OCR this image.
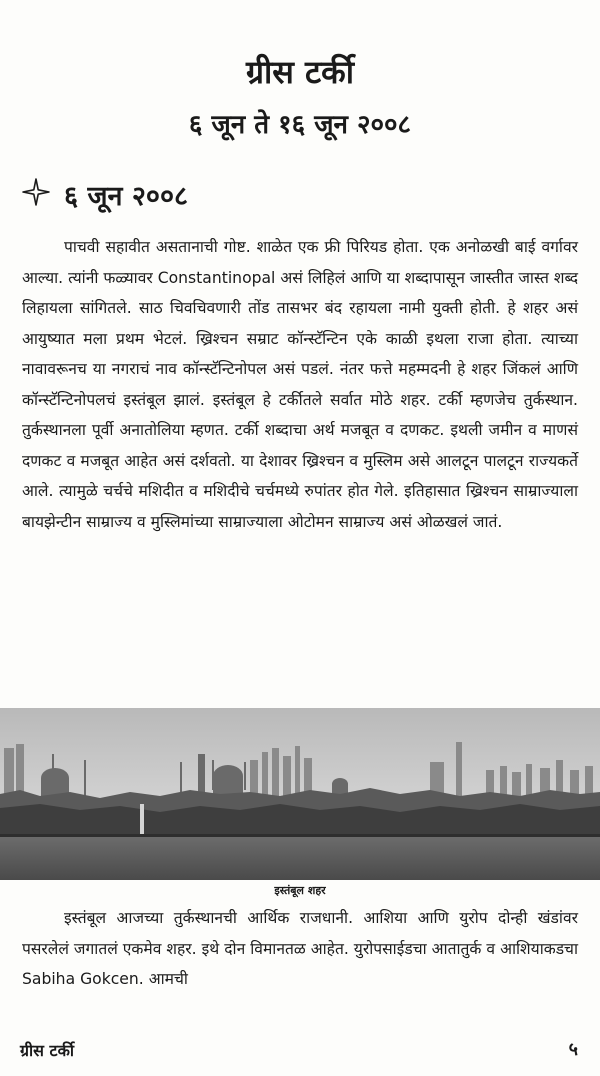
ग्रीस टर्की
६ जून ते १६ जून २००८
६ जून २००८

पाचवी सहावीत असतानाची गोष्ट. शाळेत एक फ्री पिरियड होता. एक अनोळखी बाई वर्गावर आल्या. त्यांनी फळ्यावर Constantinopal असं लिहिलं आणि या शब्दापासून जास्तीत जास्त शब्द लिहायला सांगितले. साठ चिवचिवणारी तोंड तासभर बंद रहायला नामी युक्ती होती. हे शहर असं आयुष्यात मला प्रथम भेटलं. ख्रिश्चन सम्राट कॉन्स्टॅन्टिन एके काळी इथला राजा होता. त्याच्या नावावरूनच या नगराचं नाव कॉन्स्टॅन्टिनोपल असं पडलं. नंतर फत्ते महम्मदनी हे शहर जिंकलं आणि कॉन्स्टॅन्टिनोपलचं इस्तंबूल झालं. इस्तंबूल हे टर्कीतले सर्वात मोठे शहर. टर्की म्हणजेच तुर्कस्थान. तुर्कस्थानला पूर्वी अनातोलिया म्हणत. टर्की शब्दाचा अर्थ मजबूत व दणकट. इथली जमीन व माणसं दणकट व मजबूत आहेत असं दर्शवतो. या देशावर ख्रिश्चन व मुस्लिम असे आलटून पालटून राज्यकर्ते आले. त्यामुळे चर्चचे मशिदीत व मशिदीचे चर्चमध्ये रुपांतर होत गेले. इतिहासात ख्रिश्चन साम्राज्याला बायझेन्टीन साम्राज्य व मुस्लिमांच्या साम्राज्याला ओटोमन साम्राज्य असं ओळखलं जातं.

इस्तंबूल शहर

इस्तंबूल आजच्या तुर्कस्थानची आर्थिक राजधानी. आशिया आणि युरोप दोन्ही खंडांवर पसरलेलं जगातलं एकमेव शहर. इथे दोन विमानतळ आहेत. युरोपसाईडचा आतातुर्क व आशियाकडचा Sabiha Gokcen. आमची

ग्रीस टर्की	५
